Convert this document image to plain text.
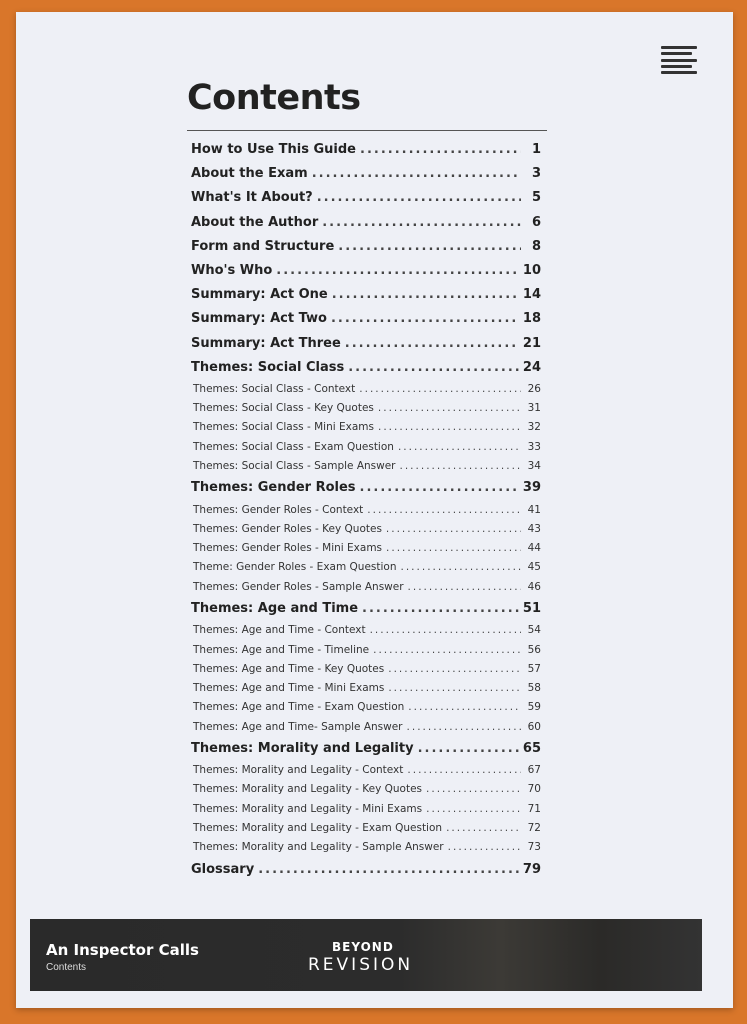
Contents
How to Use This Guide .....	1
About the Exam .....	3
What's It About? .....	5
About the Author .....	6
Form and Structure .....	8
Who's Who .....	10
Summary: Act One .....	14
Summary: Act Two .....	18
Summary: Act Three .....	21
Themes: Social Class .....	24
Themes: Social Class - Context .....	26
Themes: Social Class - Key Quotes .....	31
Themes: Social Class - Mini Exams .....	32
Themes: Social Class - Exam Question .....	33
Themes: Social Class - Sample Answer .....	34
Themes: Gender Roles .....	39
Themes: Gender Roles - Context .....	41
Themes: Gender Roles - Key Quotes .....	43
Themes: Gender Roles - Mini Exams .....	44
Theme: Gender Roles - Exam Question .....	45
Themes: Gender Roles - Sample Answer .....	46
Themes: Age and Time .....	51
Themes: Age and Time - Context .....	54
Themes: Age and Time - Timeline .....	56
Themes: Age and Time - Key Quotes .....	57
Themes: Age and Time - Mini Exams .....	58
Themes: Age and Time - Exam Question .....	59
Themes: Age and Time- Sample Answer .....	60
Themes: Morality and Legality .....	65
Themes: Morality and Legality - Context .....	67
Themes: Morality and Legality - Key Quotes .....	70
Themes: Morality and Legality - Mini Exams .....	71
Themes: Morality and Legality - Exam Question .....	72
Themes: Morality and Legality - Sample Answer .....	73
Glossary .....	79
An Inspector Calls
Contents
BEYOND
REVISION
